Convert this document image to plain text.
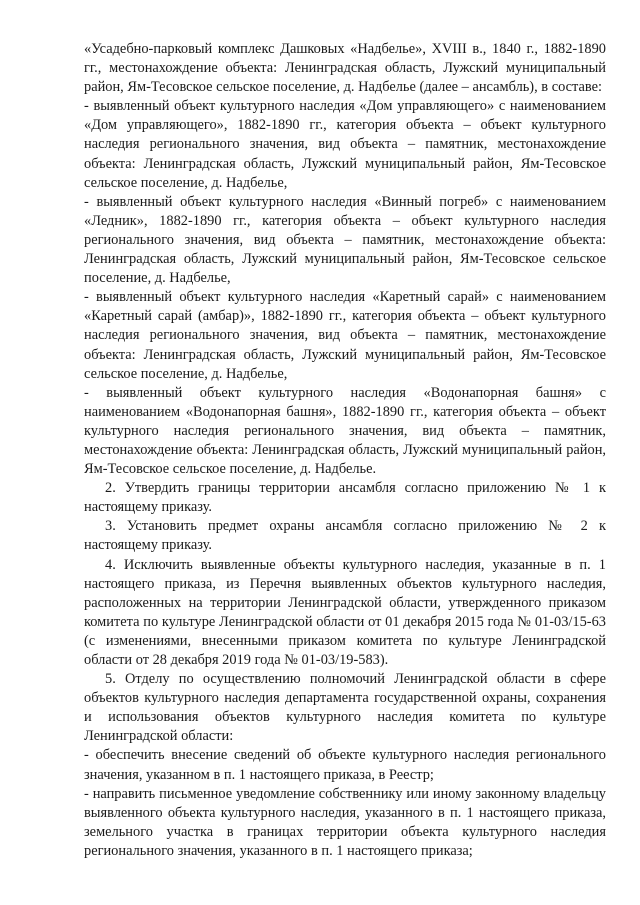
«Усадебно-парковый комплекс Дашковых «Надбелье», XVIII в., 1840 г., 1882-1890 гг., местонахождение объекта: Ленинградская область, Лужский муниципальный район, Ям-Тесовское сельское поселение, д. Надбелье (далее – ансамбль), в составе:

- выявленный объект культурного наследия «Дом управляющего» с наименованием «Дом управляющего», 1882-1890 гг., категория объекта – объект культурного наследия регионального значения, вид объекта – памятник, местонахождение объекта: Ленинградская область, Лужский муниципальный район, Ям-Тесовское сельское поселение, д. Надбелье,

- выявленный объект культурного наследия «Винный погреб» с наименованием «Ледник», 1882-1890 гг., категория объекта – объект культурного наследия регионального значения, вид объекта – памятник, местонахождение объекта: Ленинградская область, Лужский муниципальный район, Ям-Тесовское сельское поселение, д. Надбелье,

- выявленный объект культурного наследия «Каретный сарай» с наименованием «Каретный сарай (амбар)», 1882-1890 гг., категория объекта – объект культурного наследия регионального значения, вид объекта – памятник, местонахождение объекта: Ленинградская область, Лужский муниципальный район, Ям-Тесовское сельское поселение, д. Надбелье,

- выявленный объект культурного наследия «Водонапорная башня» с наименованием «Водонапорная башня», 1882-1890 гг., категория объекта – объект культурного наследия регионального значения, вид объекта – памятник, местонахождение объекта: Ленинградская область, Лужский муниципальный район, Ям-Тесовское сельское поселение, д. Надбелье.

2. Утвердить границы территории ансамбля согласно приложению № 1 к настоящему приказу.

3. Установить предмет охраны ансамбля согласно приложению № 2 к настоящему приказу.

4. Исключить выявленные объекты культурного наследия, указанные в п. 1 настоящего приказа, из Перечня выявленных объектов культурного наследия, расположенных на территории Ленинградской области, утвержденного приказом комитета по культуре Ленинградской области от 01 декабря 2015 года № 01-03/15-63 (с изменениями, внесенными приказом комитета по культуре Ленинградской области от 28 декабря 2019 года № 01-03/19-583).

5. Отделу по осуществлению полномочий Ленинградской области в сфере объектов культурного наследия департамента государственной охраны, сохранения и использования объектов культурного наследия комитета по культуре Ленинградской области:

- обеспечить внесение сведений об объекте культурного наследия регионального значения, указанном в п. 1 настоящего приказа, в Реестр;

- направить письменное уведомление собственнику или иному законному владельцу выявленного объекта культурного наследия, указанного в п. 1 настоящего приказа, земельного участка в границах территории объекта культурного наследия регионального значения, указанного в п. 1 настоящего приказа;
